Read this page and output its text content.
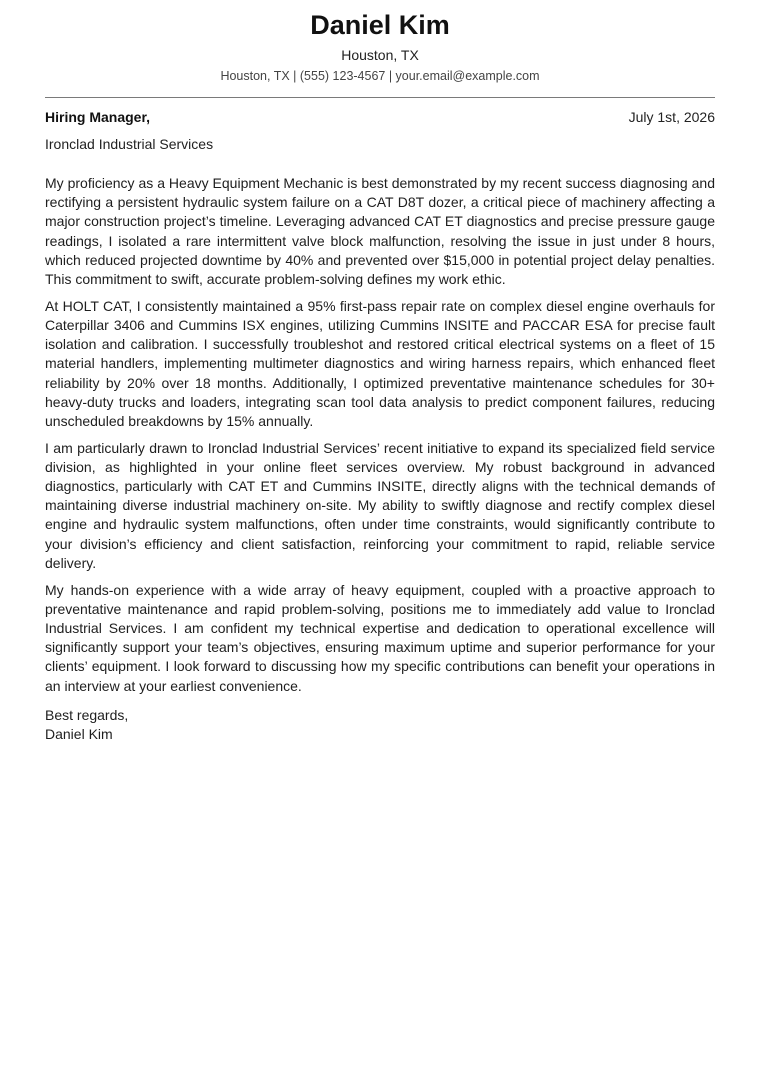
Daniel Kim
Houston, TX
Houston, TX | (555) 123-4567 | your.email@example.com
Hiring Manager,	July 1st, 2026
Ironclad Industrial Services

My proficiency as a Heavy Equipment Mechanic is best demonstrated by my recent success diagnosing and rectifying a persistent hydraulic system failure on a CAT D8T dozer, a critical piece of machinery affecting a major construction project’s timeline. Leveraging advanced CAT ET diagnostics and precise pressure gauge readings, I isolated a rare intermittent valve block malfunction, resolving the issue in just under 8 hours, which reduced projected downtime by 40% and prevented over $15,000 in potential project delay penalties. This commitment to swift, accurate problem-solving defines my work ethic.

At HOLT CAT, I consistently maintained a 95% first-pass repair rate on complex diesel engine overhauls for Caterpillar 3406 and Cummins ISX engines, utilizing Cummins INSITE and PACCAR ESA for precise fault isolation and calibration. I successfully troubleshot and restored critical electrical systems on a fleet of 15 material handlers, implementing multimeter diagnostics and wiring harness repairs, which enhanced fleet reliability by 20% over 18 months. Additionally, I optimized preventative maintenance schedules for 30+ heavy-duty trucks and loaders, integrating scan tool data analysis to predict component failures, reducing unscheduled breakdowns by 15% annually.

I am particularly drawn to Ironclad Industrial Services’ recent initiative to expand its specialized field service division, as highlighted in your online fleet services overview. My robust background in advanced diagnostics, particularly with CAT ET and Cummins INSITE, directly aligns with the technical demands of maintaining diverse industrial machinery on-site. My ability to swiftly diagnose and rectify complex diesel engine and hydraulic system malfunctions, often under time constraints, would significantly contribute to your division’s efficiency and client satisfaction, reinforcing your commitment to rapid, reliable service delivery.

My hands-on experience with a wide array of heavy equipment, coupled with a proactive approach to preventative maintenance and rapid problem-solving, positions me to immediately add value to Ironclad Industrial Services. I am confident my technical expertise and dedication to operational excellence will significantly support your team’s objectives, ensuring maximum uptime and superior performance for your clients’ equipment. I look forward to discussing how my specific contributions can benefit your operations in an interview at your earliest convenience.

Best regards,
Daniel Kim
